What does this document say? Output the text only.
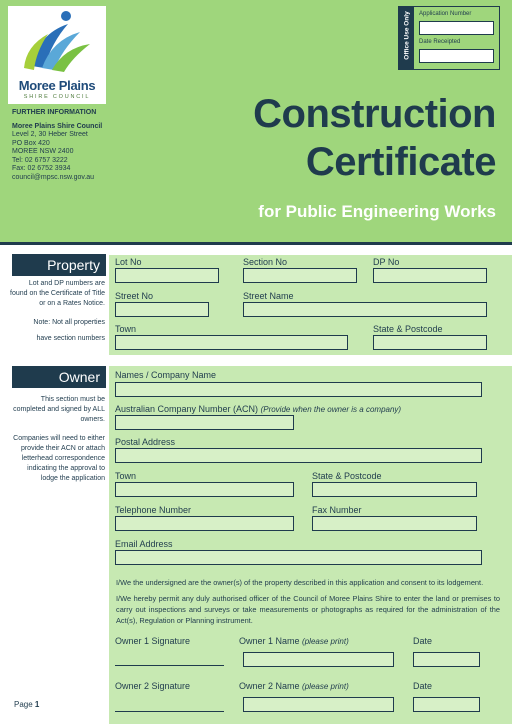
Moree Plains
SHIRE COUNCIL
FURTHER INFORMATION
Moree Plains Shire Council
Level 2, 30 Heber Street
PO Box 420
MOREE NSW 2400
Tel: 02 6757 3222
Fax: 02 6752 3934
council@mpsc.nsw.gov.au
Office Use Only Application Number
Date Receipted
Construction
Certificate
for Public Engineering Works
Property
Lot and DP numbers are found on the Certificate of Title or on a Rates Notice.
Note: Not all properties
have section numbers
Lot No	Section No	DP No
Street No	Street Name
Town	State & Postcode
Owner
This section must be completed and signed by ALL owners.
Companies will need to either provide their ACN or attach letterhead correspondence indicating the approval to lodge the application
Names / Company Name
Australian Company Number (ACN) (Provide when the owner is a company)
Postal Address
Town	State & Postcode
Telephone Number	Fax Number
Email Address
I/We the undersigned are the owner(s) of the property described in this application and consent to its lodgement.
I/We hereby permit any duly authorised officer of the Council of Moree Plains Shire to enter the land or premises to carry out inspections and surveys or take measurements or photographs as required for the administration of the Act(s), Regulation or Planning instrument.
Owner 1 Signature	Owner 1 Name (please print)	Date
Owner 2 Signature	Owner 2 Name (please print)	Date
Page 1
